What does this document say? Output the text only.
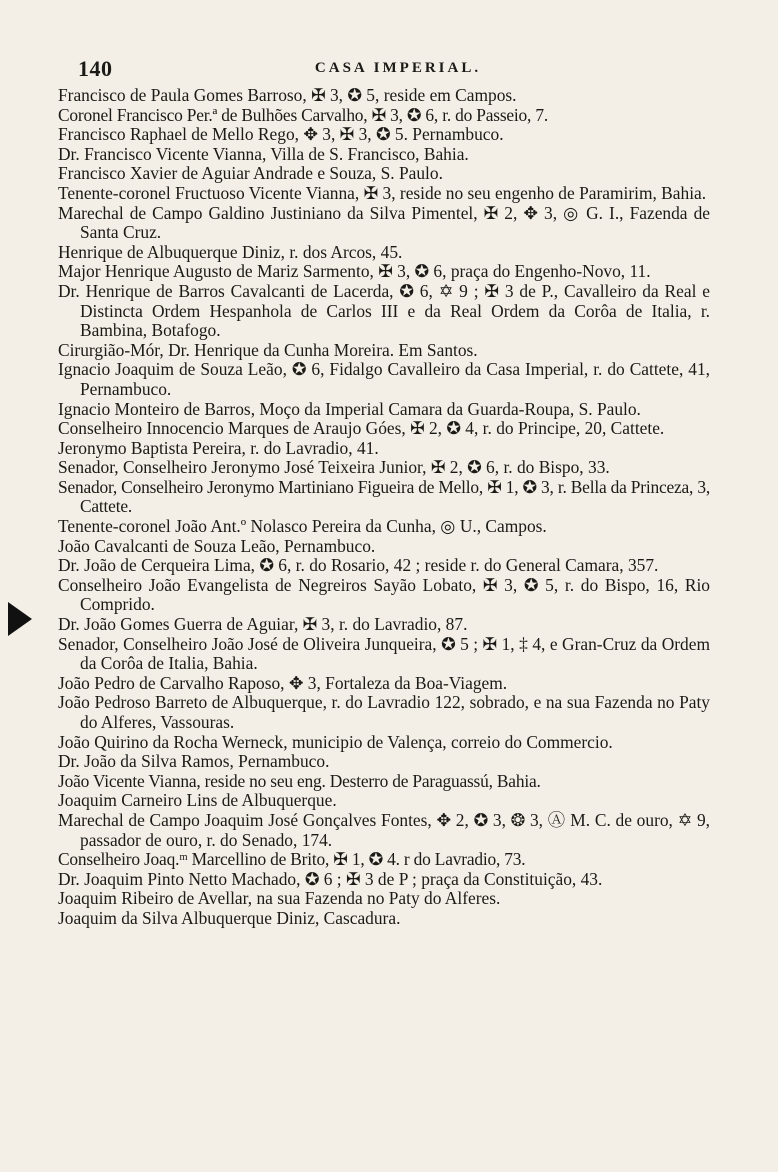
140	CASA IMPERIAL.

Francisco de Paula Gomes Barroso, ✠ 3, ✪ 5, reside em Campos.

Coronel Francisco Per.ª de Bulhões Carvalho, ✠ 3, ✪ 6, r. do Passeio, 7.

Francisco Raphael de Mello Rego, ✥ 3, ✠ 3, ✪ 5. Pernambuco.

Dr. Francisco Vicente Vianna, Villa de S. Francisco, Bahia.

Francisco Xavier de Aguiar Andrade e Souza, S. Paulo.

Tenente-coronel Fructuoso Vicente Vianna, ✠ 3, reside no seu engenho de Paramirim, Bahia.

Marechal de Campo Galdino Justiniano da Silva Pimentel, ✠ 2, ✥ 3, ◎ G. I., Fazenda de Santa Cruz.

Henrique de Albuquerque Diniz, r. dos Arcos, 45.

Major Henrique Augusto de Mariz Sarmento, ✠ 3, ✪ 6, praça do Engenho-Novo, 11.

Dr. Henrique de Barros Cavalcanti de Lacerda, ✪ 6, ✡ 9 ; ✠ 3 de P., Cavalleiro da Real e Distincta Ordem Hespanhola de Carlos III e da Real Ordem da Corôa de Italia, r. Bambina, Botafogo.

Cirurgião-Mór, Dr. Henrique da Cunha Moreira. Em Santos.

Ignacio Joaquim de Souza Leão, ✪ 6, Fidalgo Cavalleiro da Casa Imperial, r. do Cattete, 41, Pernambuco.

Ignacio Monteiro de Barros, Moço da Imperial Camara da Guarda-Roupa, S. Paulo.

Conselheiro Innocencio Marques de Araujo Góes, ✠ 2, ✪ 4, r. do Principe, 20, Cattete.

Jeronymo Baptista Pereira, r. do Lavradio, 41.

Senador, Conselheiro Jeronymo José Teixeira Junior, ✠ 2, ✪ 6, r. do Bispo, 33.

Senador, Conselheiro Jeronymo Martiniano Figueira de Mello, ✠ 1, ✪ 3, r. Bella da Princeza, 3, Cattete.

Tenente-coronel João Ant.º Nolasco Pereira da Cunha, ◎ U., Campos.

João Cavalcanti de Souza Leão, Pernambuco.

Dr. João de Cerqueira Lima, ✪ 6, r. do Rosario, 42 ; reside r. do General Camara, 357.

Conselheiro João Evangelista de Negreiros Sayão Lobato, ✠ 3, ✪ 5, r. do Bispo, 16, Rio Comprido.

Dr. João Gomes Guerra de Aguiar, ✠ 3, r. do Lavradio, 87.

Senador, Conselheiro João José de Oliveira Junqueira, ✪ 5 ; ✠ 1, ‡ 4, e Gran-Cruz da Ordem da Corôa de Italia, Bahia.

João Pedro de Carvalho Raposo, ✥ 3, Fortaleza da Boa-Viagem.

João Pedroso Barreto de Albuquerque, r. do Lavradio 122, sobrado, e na sua Fazenda no Paty do Alferes, Vassouras.

João Quirino da Rocha Werneck, municipio de Valença, correio do Commercio.

Dr. João da Silva Ramos, Pernambuco.

João Vicente Vianna, reside no seu eng. Desterro de Paraguassú, Bahia.

Joaquim Carneiro Lins de Albuquerque.

Marechal de Campo Joaquim José Gonçalves Fontes, ✥ 2, ✪ 3, ❂ 3, Ⓐ M. C. de ouro, ✡ 9, passador de ouro, r. do Senado, 174.

Conselheiro Joaq.ᵐ Marcellino de Brito, ✠ 1, ✪ 4. r do Lavradio, 73.

Dr. Joaquim Pinto Netto Machado, ✪ 6 ; ✠ 3 de P ; praça da Constituição, 43.

Joaquim Ribeiro de Avellar, na sua Fazenda no Paty do Alferes.

Joaquim da Silva Albuquerque Diniz, Cascadura.
